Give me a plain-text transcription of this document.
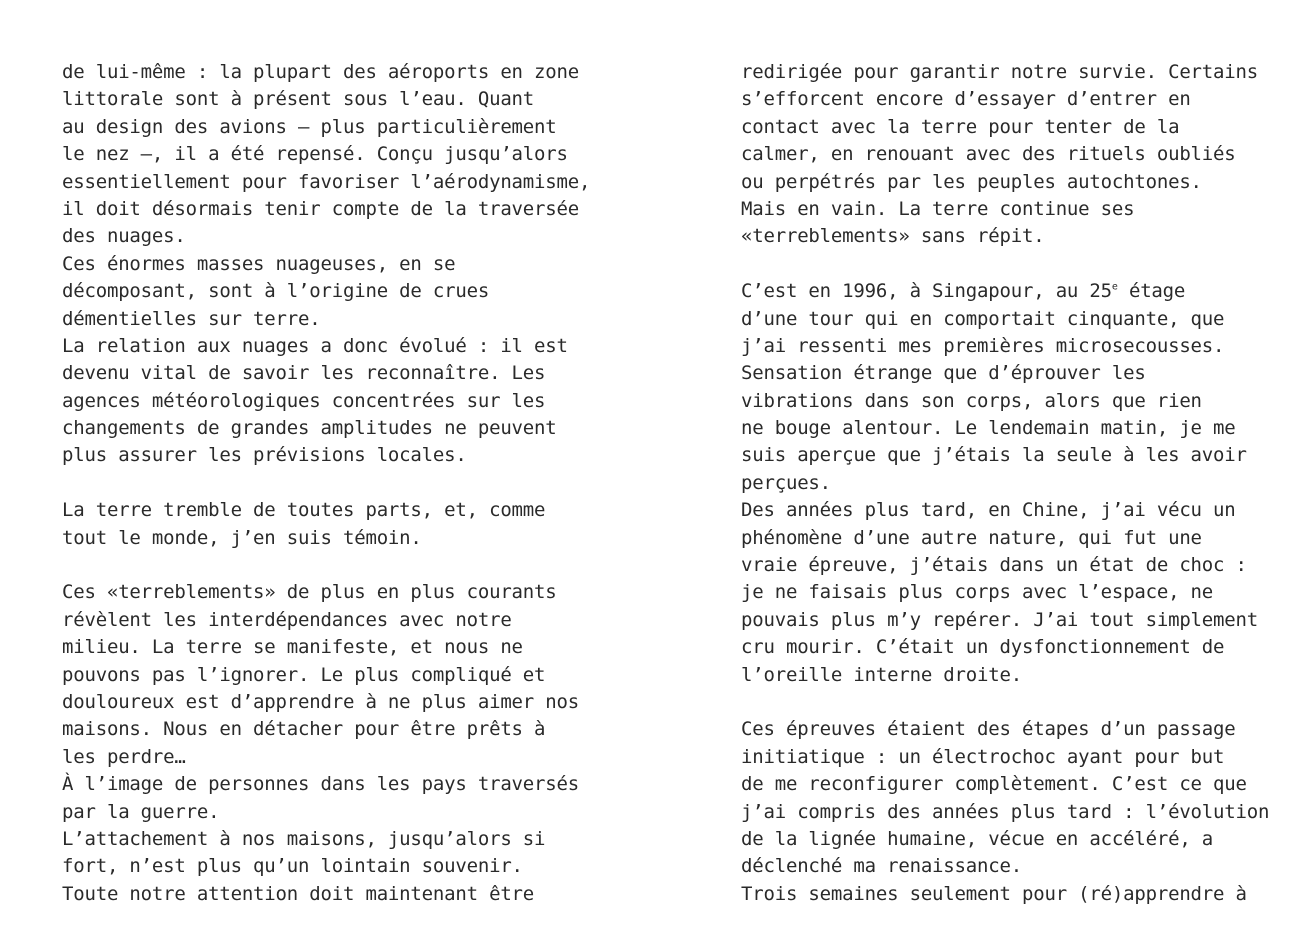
de lui-même : la plupart des aéroports en zone
littorale sont à présent sous l’eau. Quant
au design des avions – plus particulièrement
le nez –, il a été repensé. Conçu jusqu’alors
essentiellement pour favoriser l’aérodynamisme,
il doit désormais tenir compte de la traversée
des nuages.
Ces énormes masses nuageuses, en se
décomposant, sont à l’origine de crues
démentielles sur terre.
La relation aux nuages a donc évolué : il est
devenu vital de savoir les reconnaître. Les
agences météorologiques concentrées sur les
changements de grandes amplitudes ne peuvent
plus assurer les prévisions locales.
La terre tremble de toutes parts, et, comme
tout le monde, j’en suis témoin.
Ces «terreblements» de plus en plus courants
révèlent les interdépendances avec notre
milieu. La terre se manifeste, et nous ne
pouvons pas l’ignorer. Le plus compliqué et
douloureux est d’apprendre à ne plus aimer nos
maisons. Nous en détacher pour être prêts à
les perdre…
À l’image de personnes dans les pays traversés
par la guerre.
L’attachement à nos maisons, jusqu’alors si
fort, n’est plus qu’un lointain souvenir.
Toute notre attention doit maintenant être
redirigée pour garantir notre survie. Certains
s’efforcent encore d’essayer d’entrer en
contact avec la terre pour tenter de la
calmer, en renouant avec des rituels oubliés
ou perpétrés par les peuples autochtones.
Mais en vain. La terre continue ses
«terreblements» sans répit.
C’est en 1996, à Singapour, au 25e étage
d’une tour qui en comportait cinquante, que
j’ai ressenti mes premières microsecousses.
Sensation étrange que d’éprouver les
vibrations dans son corps, alors que rien
ne bouge alentour. Le lendemain matin, je me
suis aperçue que j’étais la seule à les avoir
perçues.
Des années plus tard, en Chine, j’ai vécu un
phénomène d’une autre nature, qui fut une
vraie épreuve, j’étais dans un état de choc :
je ne faisais plus corps avec l’espace, ne
pouvais plus m’y repérer. J’ai tout simplement
cru mourir. C’était un dysfonctionnement de
l’oreille interne droite.
Ces épreuves étaient des étapes d’un passage
initiatique : un électrochoc ayant pour but
de me reconfigurer complètement. C’est ce que
j’ai compris des années plus tard : l’évolution
de la lignée humaine, vécue en accéléré, a
déclenché ma renaissance.
Trois semaines seulement pour (ré)apprendre à
